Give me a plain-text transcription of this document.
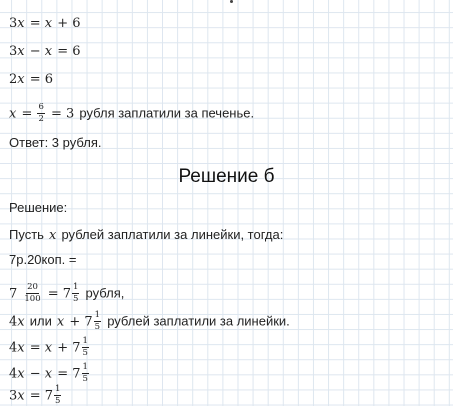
3x = x + 6
3x − x = 6
2x = 6
$x = \frac{6}{2} = 3$ рубля заплатили за печенье.
Ответ: 3 рубля.
Решение б
Решение:
Пусть x рублей заплатили за линейки, тогда:
7р.20коп. =
$7 \frac{20}{100} = 7 \frac{1}{5}$ рубля,
4x или $x + 7 \frac{1}{5}$ рублей заплатили за линейки.
$4x = x + 7 \frac{1}{5}$
$4x - x = 7 \frac{1}{5}$
$3x = 7 \frac{1}{5}$
